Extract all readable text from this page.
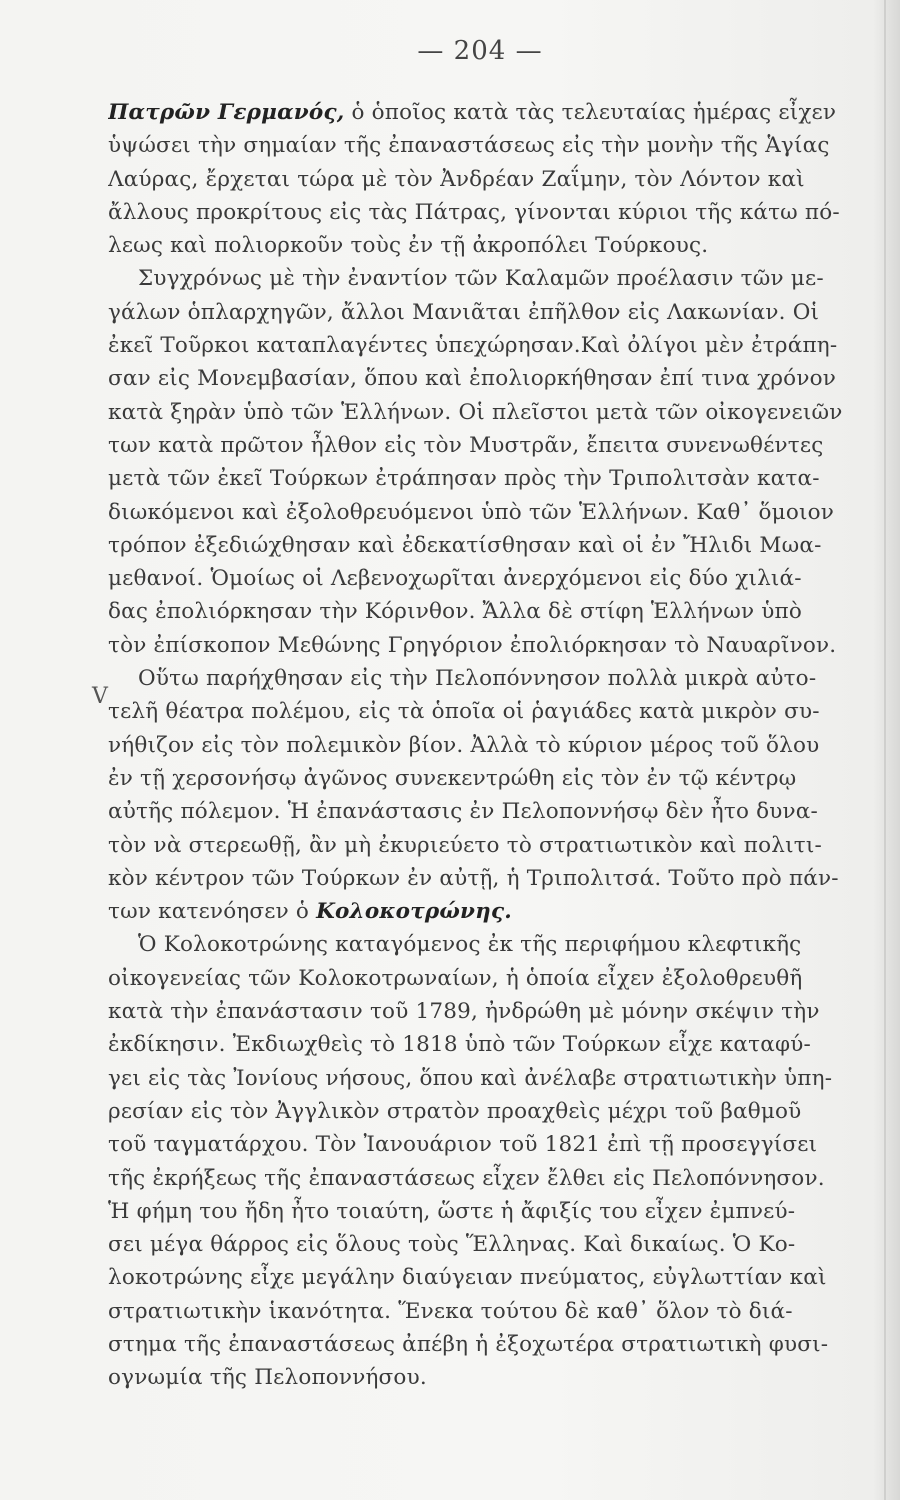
— 204 —
V
Πατρῶν Γερμανός, ὁ ὁποῖος κατὰ τὰς τελευταίας ἡμέρας εἶχεν
ὑψώσει τὴν σημαίαν τῆς ἐπαναστάσεως εἰς τὴν μονὴν τῆς Ἁγίας
Λαύρας, ἔρχεται τώρα μὲ τὸν Ἀνδρέαν Ζαΐμην, τὸν Λόντον καὶ
ἄλλους προκρίτους εἰς τὰς Πάτρας, γίνονται κύριοι τῆς κάτω πό-
λεως καὶ πολιορκοῦν τοὺς ἐν τῇ ἀκροπόλει Τούρκους.
Συγχρόνως μὲ τὴν ἐναντίον τῶν Καλαμῶν προέλασιν τῶν με-
γάλων ὁπλαρχηγῶν, ἄλλοι Μανιᾶται ἐπῆλθον εἰς Λακωνίαν. Οἱ
ἐκεῖ Τοῦρκοι καταπλαγέντες ὑπεχώρησαν.Καὶ ὀλίγοι μὲν ἐτράπη-
σαν εἰς Μονεμβασίαν, ὅπου καὶ ἐπολιορκήθησαν ἐπί τινα χρόνον
κατὰ ξηρὰν ὑπὸ τῶν Ἑλλήνων. Οἱ πλεῖστοι μετὰ τῶν οἰκογενειῶν
των κατὰ πρῶτον ἦλθον εἰς τὸν Μυστρᾶν, ἔπειτα συνενωθέντες
μετὰ τῶν ἐκεῖ Τούρκων ἐτράπησαν πρὸς τὴν Τριπολιτσὰν κατα-
διωκόμενοι καὶ ἐξολοθρευόμενοι ὑπὸ τῶν Ἑλλήνων. Καθ᾽ ὅμοιον
τρόπον ἐξεδιώχθησαν καὶ ἐδεκατίσθησαν καὶ οἱ ἐν Ἤλιδι Μωα-
μεθανοί. Ὁμοίως οἱ Λεβενοχωρῖται ἀνερχόμενοι εἰς δύο χιλιά-
δας ἐπολιόρκησαν τὴν Κόρινθον. Ἄλλα δὲ στίφη Ἑλλήνων ὑπὸ
τὸν ἐπίσκοπον Μεθώνης Γρηγόριον ἐπολιόρκησαν τὸ Ναυαρῖνον.
Οὕτω παρήχθησαν εἰς τὴν Πελοπόννησον πολλὰ μικρὰ αὐτο-
τελῆ θέατρα πολέμου, εἰς τὰ ὁποῖα οἱ ῥαγιάδες κατὰ μικρὸν συ-
νήθιζον εἰς τὸν πολεμικὸν βίον. Ἀλλὰ τὸ κύριον μέρος τοῦ ὅλου
ἐν τῇ χερσονήσῳ ἀγῶνος συνεκεντρώθη εἰς τὸν ἐν τῷ κέντρῳ
αὐτῆς πόλεμον. Ἡ ἐπανάστασις ἐν Πελοποννήσῳ δὲν ἦτο δυνα-
τὸν νὰ στερεωθῇ, ἂν μὴ ἐκυριεύετο τὸ στρατιωτικὸν καὶ πολιτι-
κὸν κέντρον τῶν Τούρκων ἐν αὐτῇ, ἡ Τριπολιτσά. Τοῦτο πρὸ πάν-
των κατενόησεν ὁ Κολοκοτρώνης.
Ὁ Κολοκοτρώνης καταγόμενος ἐκ τῆς περιφήμου κλεφτικῆς
οἰκογενείας τῶν Κολοκοτρωναίων, ἡ ὁποία εἶχεν ἐξολοθρευθῆ
κατὰ τὴν ἐπανάστασιν τοῦ 1789, ἠνδρώθη μὲ μόνην σκέψιν τὴν
ἐκδίκησιν. Ἐκδιωχθεὶς τὸ 1818 ὑπὸ τῶν Τούρκων εἶχε καταφύ-
γει εἰς τὰς Ἰονίους νήσους, ὅπου καὶ ἀνέλαβε στρατιωτικὴν ὑπη-
ρεσίαν εἰς τὸν Ἀγγλικὸν στρατὸν προαχθεὶς μέχρι τοῦ βαθμοῦ
τοῦ ταγματάρχου. Τὸν Ἰανουάριον τοῦ 1821 ἐπὶ τῇ προσεγγίσει
τῆς ἐκρήξεως τῆς ἐπαναστάσεως εἶχεν ἔλθει εἰς Πελοπόννησον.
Ἡ φήμη του ἤδη ἦτο τοιαύτη, ὥστε ἡ ἄφιξίς του εἶχεν ἐμπνεύ-
σει μέγα θάρρος εἰς ὅλους τοὺς Ἕλληνας. Καὶ δικαίως. Ὁ Κο-
λοκοτρώνης εἶχε μεγάλην διαύγειαν πνεύματος, εὐγλωττίαν καὶ
στρατιωτικὴν ἱκανότητα. Ἕνεκα τούτου δὲ καθ᾽ ὅλον τὸ διά-
στημα τῆς ἐπαναστάσεως ἀπέβη ἡ ἐξοχωτέρα στρατιωτικὴ φυσι-
ογνωμία τῆς Πελοποννήσου.
